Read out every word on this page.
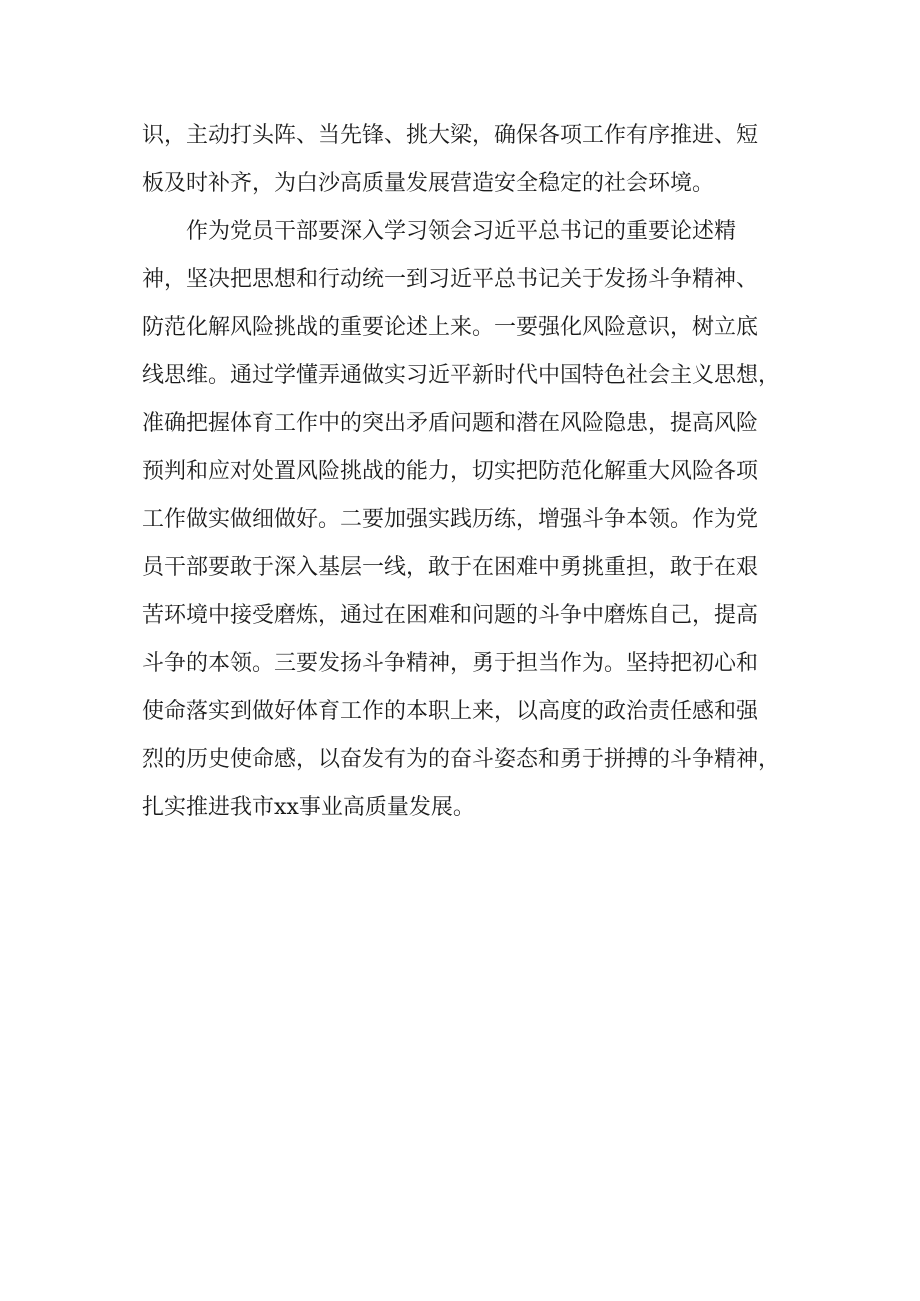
识，主动打头阵、当先锋、挑大梁，确保各项工作有序推进、短
板及时补齐，为白沙高质量发展营造安全稳定的社会环境。
作为党员干部要深入学习领会习近平总书记的重要论述精
神，坚决把思想和行动统一到习近平总书记关于发扬斗争精神、
防范化解风险挑战的重要论述上来。一要强化风险意识，树立底
线思维。通过学懂弄通做实习近平新时代中国特色社会主义思想，
准确把握体育工作中的突出矛盾问题和潜在风险隐患，提高风险
预判和应对处置风险挑战的能力，切实把防范化解重大风险各项
工作做实做细做好。二要加强实践历练，增强斗争本领。作为党
员干部要敢于深入基层一线，敢于在困难中勇挑重担，敢于在艰
苦环境中接受磨炼，通过在困难和问题的斗争中磨炼自己，提高
斗争的本领。三要发扬斗争精神，勇于担当作为。坚持把初心和
使命落实到做好体育工作的本职上来，以高度的政治责任感和强
烈的历史使命感，以奋发有为的奋斗姿态和勇于拼搏的斗争精神，
扎实推进我市xx事业高质量发展。
